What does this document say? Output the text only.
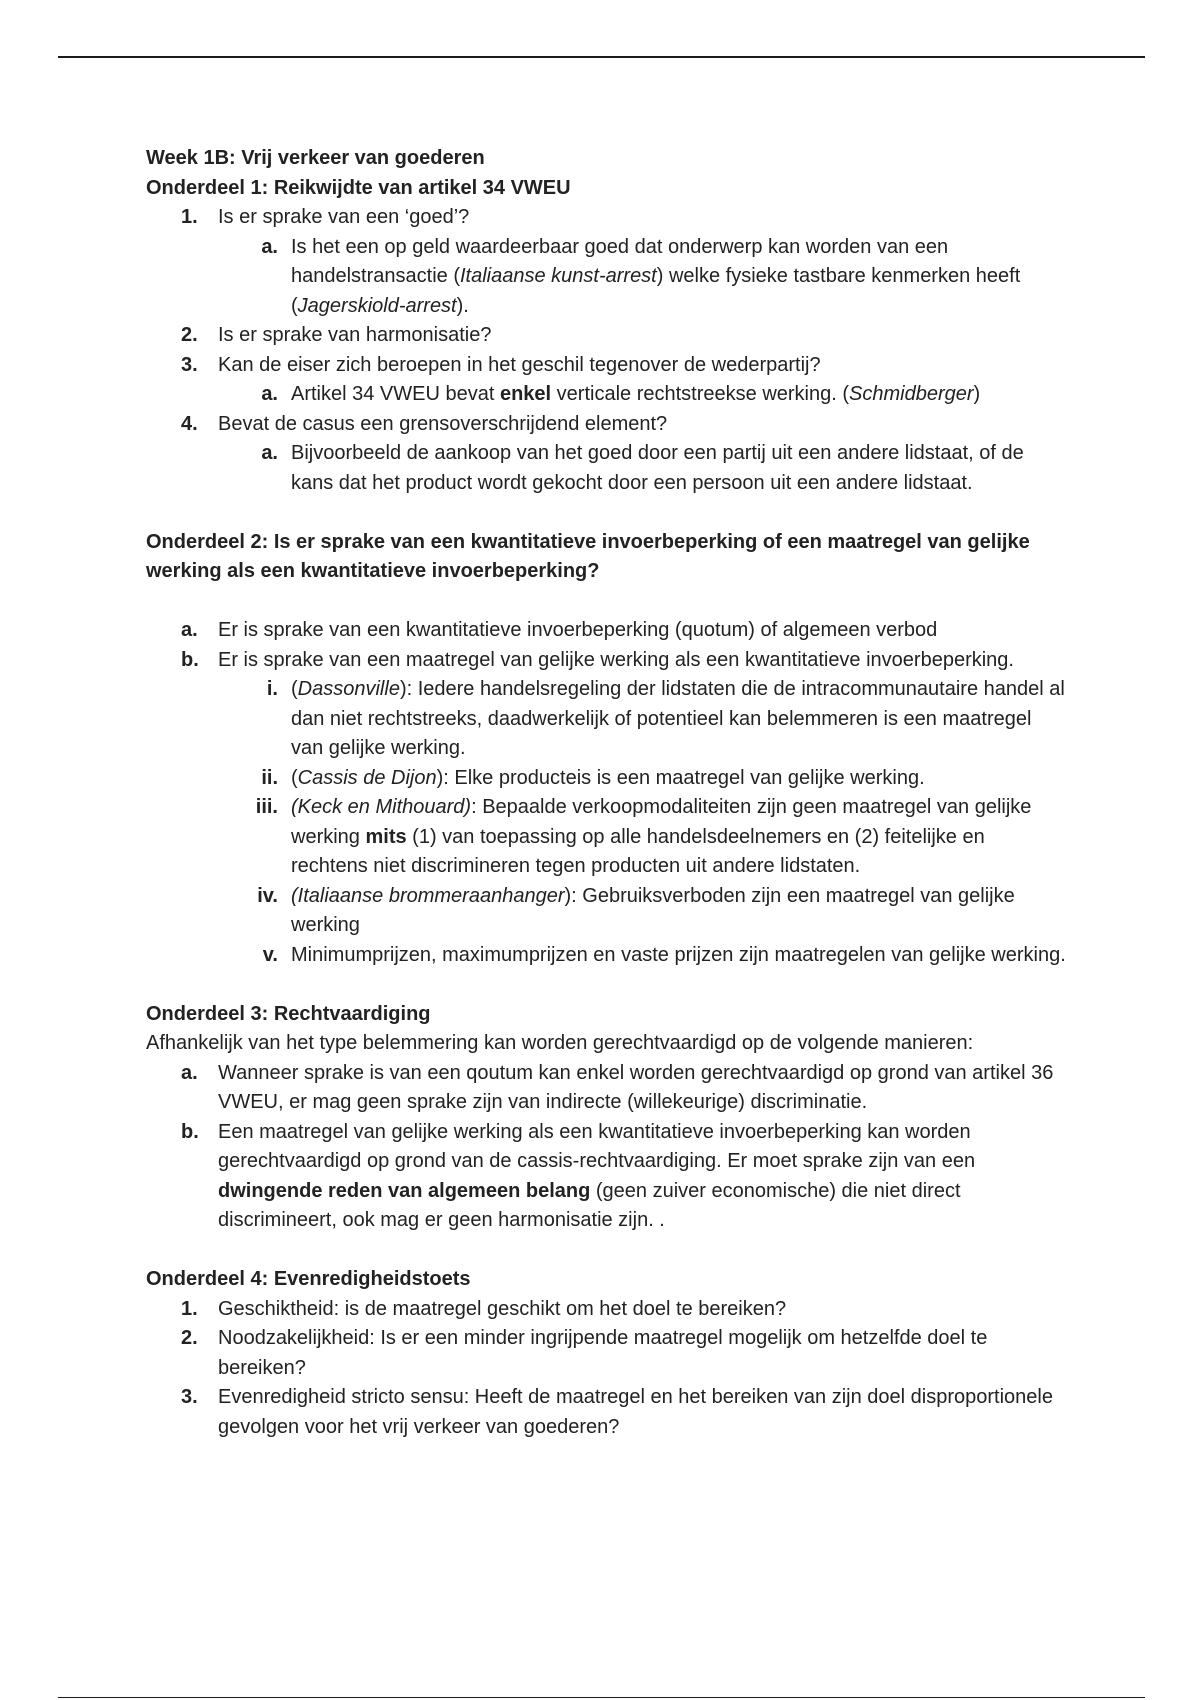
Week 1B: Vrij verkeer van goederen
Onderdeel 1: Reikwijdte van artikel 34 VWEU
1.	Is er sprake van een ‘goed’?
a. Is het een op geld waardeerbaar goed dat onderwerp kan worden van een handelstransactie (Italiaanse kunst-arrest) welke fysieke tastbare kenmerken heeft (Jagerskiold-arrest).
2.	Is er sprake van harmonisatie?
3.	Kan de eiser zich beroepen in het geschil tegenover de wederpartij?
a. Artikel 34 VWEU bevat enkel verticale rechtstreekse werking. (Schmidberger)
4.	Bevat de casus een grensoverschrijdend element?
a. Bijvoorbeeld de aankoop van het goed door een partij uit een andere lidstaat, of de kans dat het product wordt gekocht door een persoon uit een andere lidstaat.
Onderdeel 2: Is er sprake van een kwantitatieve invoerbeperking of een maatregel van gelijke werking als een kwantitatieve invoerbeperking?
a.	Er is sprake van een kwantitatieve invoerbeperking (quotum) of algemeen verbod
b. Er is sprake van een maatregel van gelijke werking als een kwantitatieve invoerbeperking.
i. (Dassonville): Iedere handelsregeling der lidstaten die de intracommunautaire handel al dan niet rechtstreeks, daadwerkelijk of potentieel kan belemmeren is een maatregel van gelijke werking.
ii. (Cassis de Dijon): Elke producteis is een maatregel van gelijke werking.
iii. (Keck en Mithouard): Bepaalde verkoopmodaliteiten zijn geen maatregel van gelijke werking mits (1) van toepassing op alle handelsdeelnemers en (2) feitelijke en rechtens niet discrimineren tegen producten uit andere lidstaten.
iv. (Italiaanse brommeraanhanger): Gebruiksverboden zijn een maatregel van gelijke werking
v. Minimumprijzen, maximumprijzen en vaste prijzen zijn maatregelen van gelijke werking.
Onderdeel 3: Rechtvaardiging
Afhankelijk van het type belemmering kan worden gerechtvaardigd op de volgende manieren:
a.	Wanneer sprake is van een qoutum kan enkel worden gerechtvaardigd op grond van artikel 36 VWEU, er mag geen sprake zijn van indirecte (willekeurige) discriminatie.
b. Een maatregel van gelijke werking als een kwantitatieve invoerbeperking kan worden gerechtvaardigd op grond van de cassis-rechtvaardiging. Er moet sprake zijn van een dwingende reden van algemeen belang (geen zuiver economische) die niet direct discrimineert, ook mag er geen harmonisatie zijn. .
Onderdeel 4: Evenredigheidstoets
1.	Geschiktheid: is de maatregel geschikt om het doel te bereiken?
2.	Noodzakelijkheid: Is er een minder ingrijpende maatregel mogelijk om hetzelfde doel te bereiken?
3.	Evenredigheid stricto sensu: Heeft de maatregel en het bereiken van zijn doel disproportionele gevolgen voor het vrij verkeer van goederen?
